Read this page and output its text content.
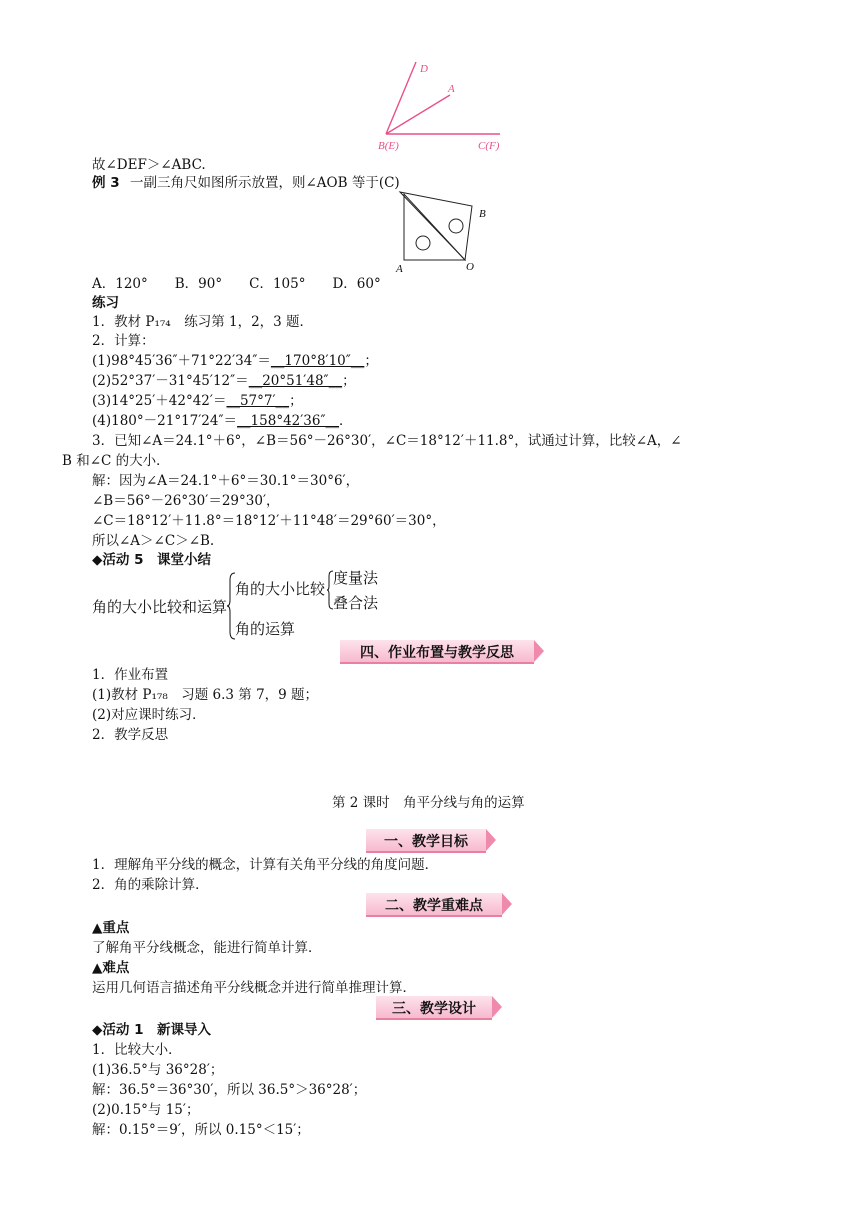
D
A
B(E)	C(F)
故∠DEF＞∠ABC.
例 3 一副三角尺如图所示放置，则∠AOB 等于(C)
B
A	O
A．120°　　B．90°　　C．105°　　D．60°
练习
1．教材 P₁₇₄　练习第 1，2，3 题．
2．计算：
(1)98°45′36″＋71°22′34″＝__170°8′10″__；
(2)52°37′－31°45′12″＝__20°51′48″__；
(3)14°25′＋42°42′＝__57°7′__；
(4)180°－21°17′24″＝__158°42′36″__．
3．已知∠A＝24.1°＋6°，∠B＝56°－26°30′，∠C＝18°12′＋11.8°，试通过计算，比较∠A，∠
B 和∠C 的大小．
解：因为∠A＝24.1°＋6°＝30.1°＝30°6′，
∠B＝56°－26°30′＝29°30′，
∠C＝18°12′＋11.8°＝18°12′＋11°48′＝29°60′＝30°，
所以∠A＞∠C＞∠B.
◆活动 5　课堂小结
角的大小比较和运算
角的大小比较
度量法
叠合法
角的运算
四、作业布置与教学反思
1．作业布置
(1)教材 P₁₇₈　习题 6.3 第 7，9 题；
(2)对应课时练习．
2．教学反思
第 2 课时　角平分线与角的运算
一、教学目标
1．理解角平分线的概念，计算有关角平分线的角度问题．
2．角的乘除计算．
二、教学重难点
▲重点
了解角平分线概念，能进行简单计算．
▲难点
运用几何语言描述角平分线概念并进行简单推理计算．
三、教学设计
◆活动 1　新课导入
1．比较大小．
(1)36.5°与 36°28′；
解：36.5°＝36°30′，所以 36.5°＞36°28′；
(2)0.15°与 15′；
解：0.15°＝9′，所以 0.15°＜15′；
